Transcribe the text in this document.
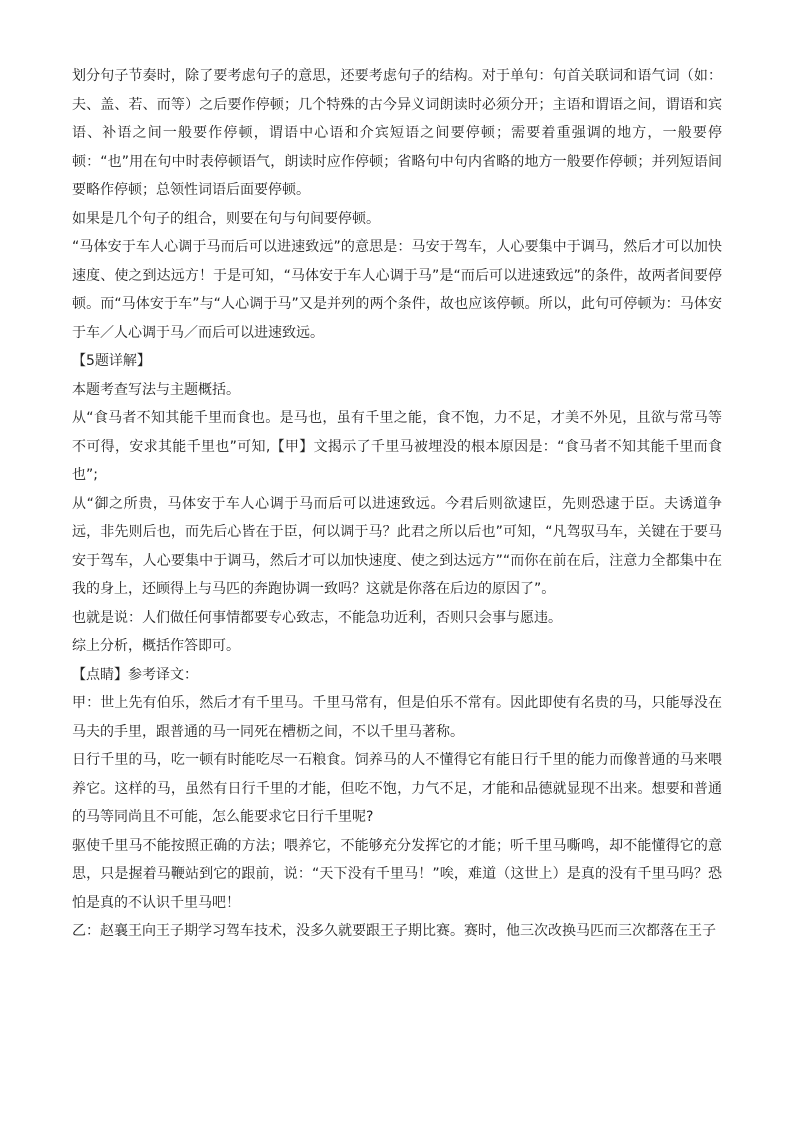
划分句子节奏时，除了要考虑句子的意思，还要考虑句子的结构。对于单句：句首关联词和语气词（如：夫、盖、若、而等）之后要作停顿；几个特殊的古今异义词朗读时必须分开；主语和谓语之间，谓语和宾语、补语之间一般要作停顿，谓语中心语和介宾短语之间要停顿；需要着重强调的地方，一般要停顿：“也”用在句中时表停顿语气，朗读时应作停顿；省略句中句内省略的地方一般要作停顿；并列短语间要略作停顿；总领性词语后面要停顿。

如果是几个句子的组合，则要在句与句间要停顿。

“马体安于车人心调于马而后可以进速致远”的意思是：马安于驾车，人心要集中于调马，然后才可以加快速度、使之到达远方！于是可知，“马体安于车人心调于马”是“而后可以进速致远”的条件，故两者间要停顿。而“马体安于车”与“人心调于马”又是并列的两个条件，故也应该停顿。所以，此句可停顿为：马体安于车／人心调于马／而后可以进速致远。

【5题详解】

本题考查写法与主题概括。

从“食马者不知其能千里而食也。是马也，虽有千里之能，食不饱，力不足，才美不外见，且欲与常马等不可得，安求其能千里也”可知,【甲】文揭示了千里马被埋没的根本原因是：“食马者不知其能千里而食也”;

从“御之所贵，马体安于车人心调于马而后可以进速致远。今君后则欲逮臣，先则恐逮于臣。夫诱道争远，非先则后也，而先后心皆在于臣，何以调于马？此君之所以后也”可知，“凡驾驭马车，关键在于要马安于驾车，人心要集中于调马，然后才可以加快速度、使之到达远方”“而你在前在后，注意力全都集中在我的身上，还顾得上与马匹的奔跑协调一致吗？这就是你落在后边的原因了”。

也就是说：人们做任何事情都要专心致志，不能急功近利，否则只会事与愿违。

综上分析，概括作答即可。

【点睛】参考译文：

甲：世上先有伯乐，然后才有千里马。千里马常有，但是伯乐不常有。因此即使有名贵的马，只能辱没在马夫的手里，跟普通的马一同死在槽枥之间，不以千里马著称。

日行千里的马，吃一顿有时能吃尽一石粮食。饲养马的人不懂得它有能日行千里的能力而像普通的马来喂养它。这样的马，虽然有日行千里的才能，但吃不饱，力气不足，才能和品德就显现不出来。想要和普通的马等同尚且不可能，怎么能要求它日行千里呢?

驱使千里马不能按照正确的方法；喂养它，不能够充分发挥它的才能；听千里马嘶鸣，却不能懂得它的意思，只是握着马鞭站到它的跟前，说：“天下没有千里马！”唉，难道（这世上）是真的没有千里马吗？恐怕是真的不认识千里马吧！

乙：赵襄王向王子期学习驾车技术，没多久就要跟王子期比赛。赛时，他三次改换马匹而三次都落在王子
